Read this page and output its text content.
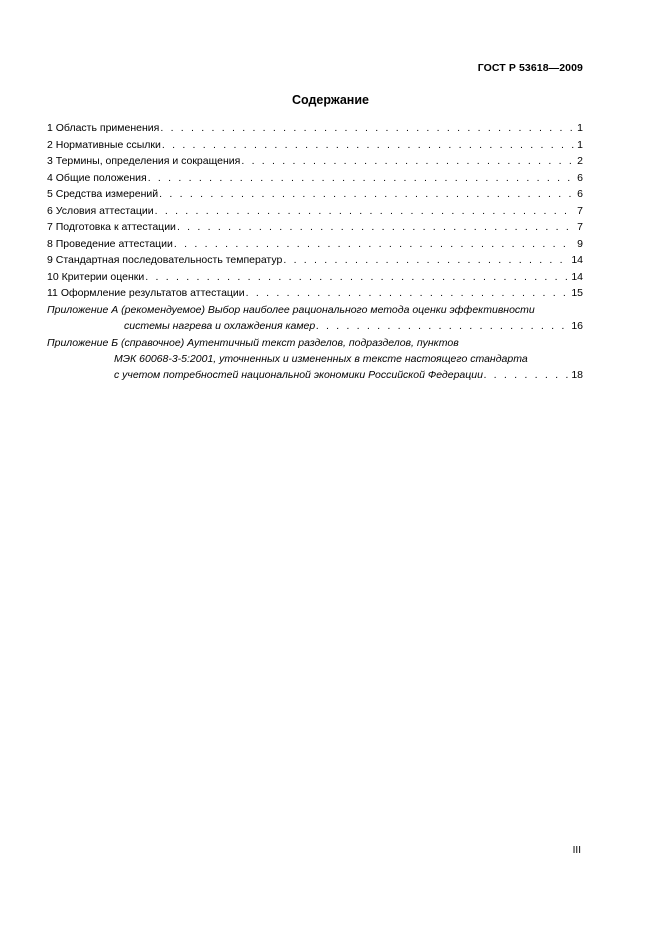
ГОСТ Р 53618—2009
Содержание
1 Область применения . . .	1
2 Нормативные ссылки . . .	1
3 Термины, определения и сокращения . . .	2
4 Общие положения . . .	6
5 Средства измерений . . .	6
6 Условия аттестации . . .	7
7 Подготовка к аттестации . . .	7
8 Проведение аттестации . . .	9
9 Стандартная последовательность температур . . .	14
10 Критерии оценки . . .	14
11 Оформление результатов аттестации . . .	15
Приложение А (рекомендуемое) Выбор наиболее рационального метода оценки эффективности
системы нагрева и охлаждения камер . . .	16
Приложение Б (справочное) Аутентичный текст разделов, подразделов, пунктов
МЭК 60068-3-5:2001, уточненных и измененных в тексте настоящего стандарта
с учетом потребностей национальной экономики Российской Федерации . . .	18
III
